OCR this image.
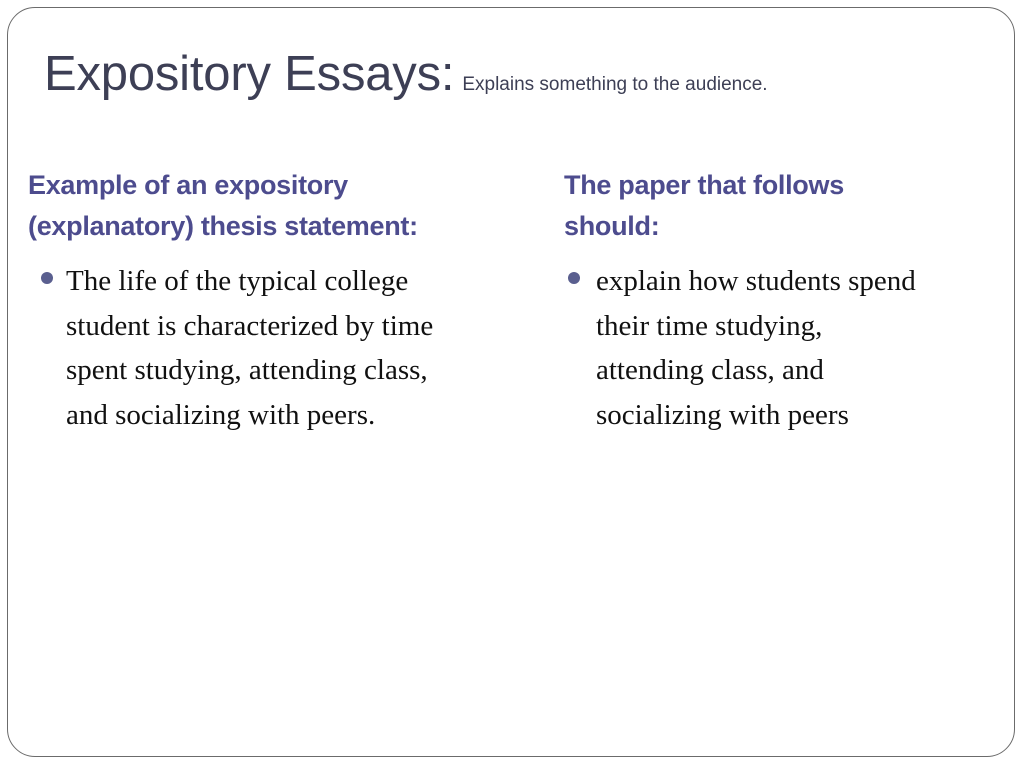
Expository Essays: Explains something to the audience.
Example of an expository
(explanatory) thesis statement:
The life of the typical college
student is characterized by time
spent studying, attending class,
and socializing with peers.
The paper that follows
should:
explain how students spend
their time studying,
attending class, and
socializing with peers
